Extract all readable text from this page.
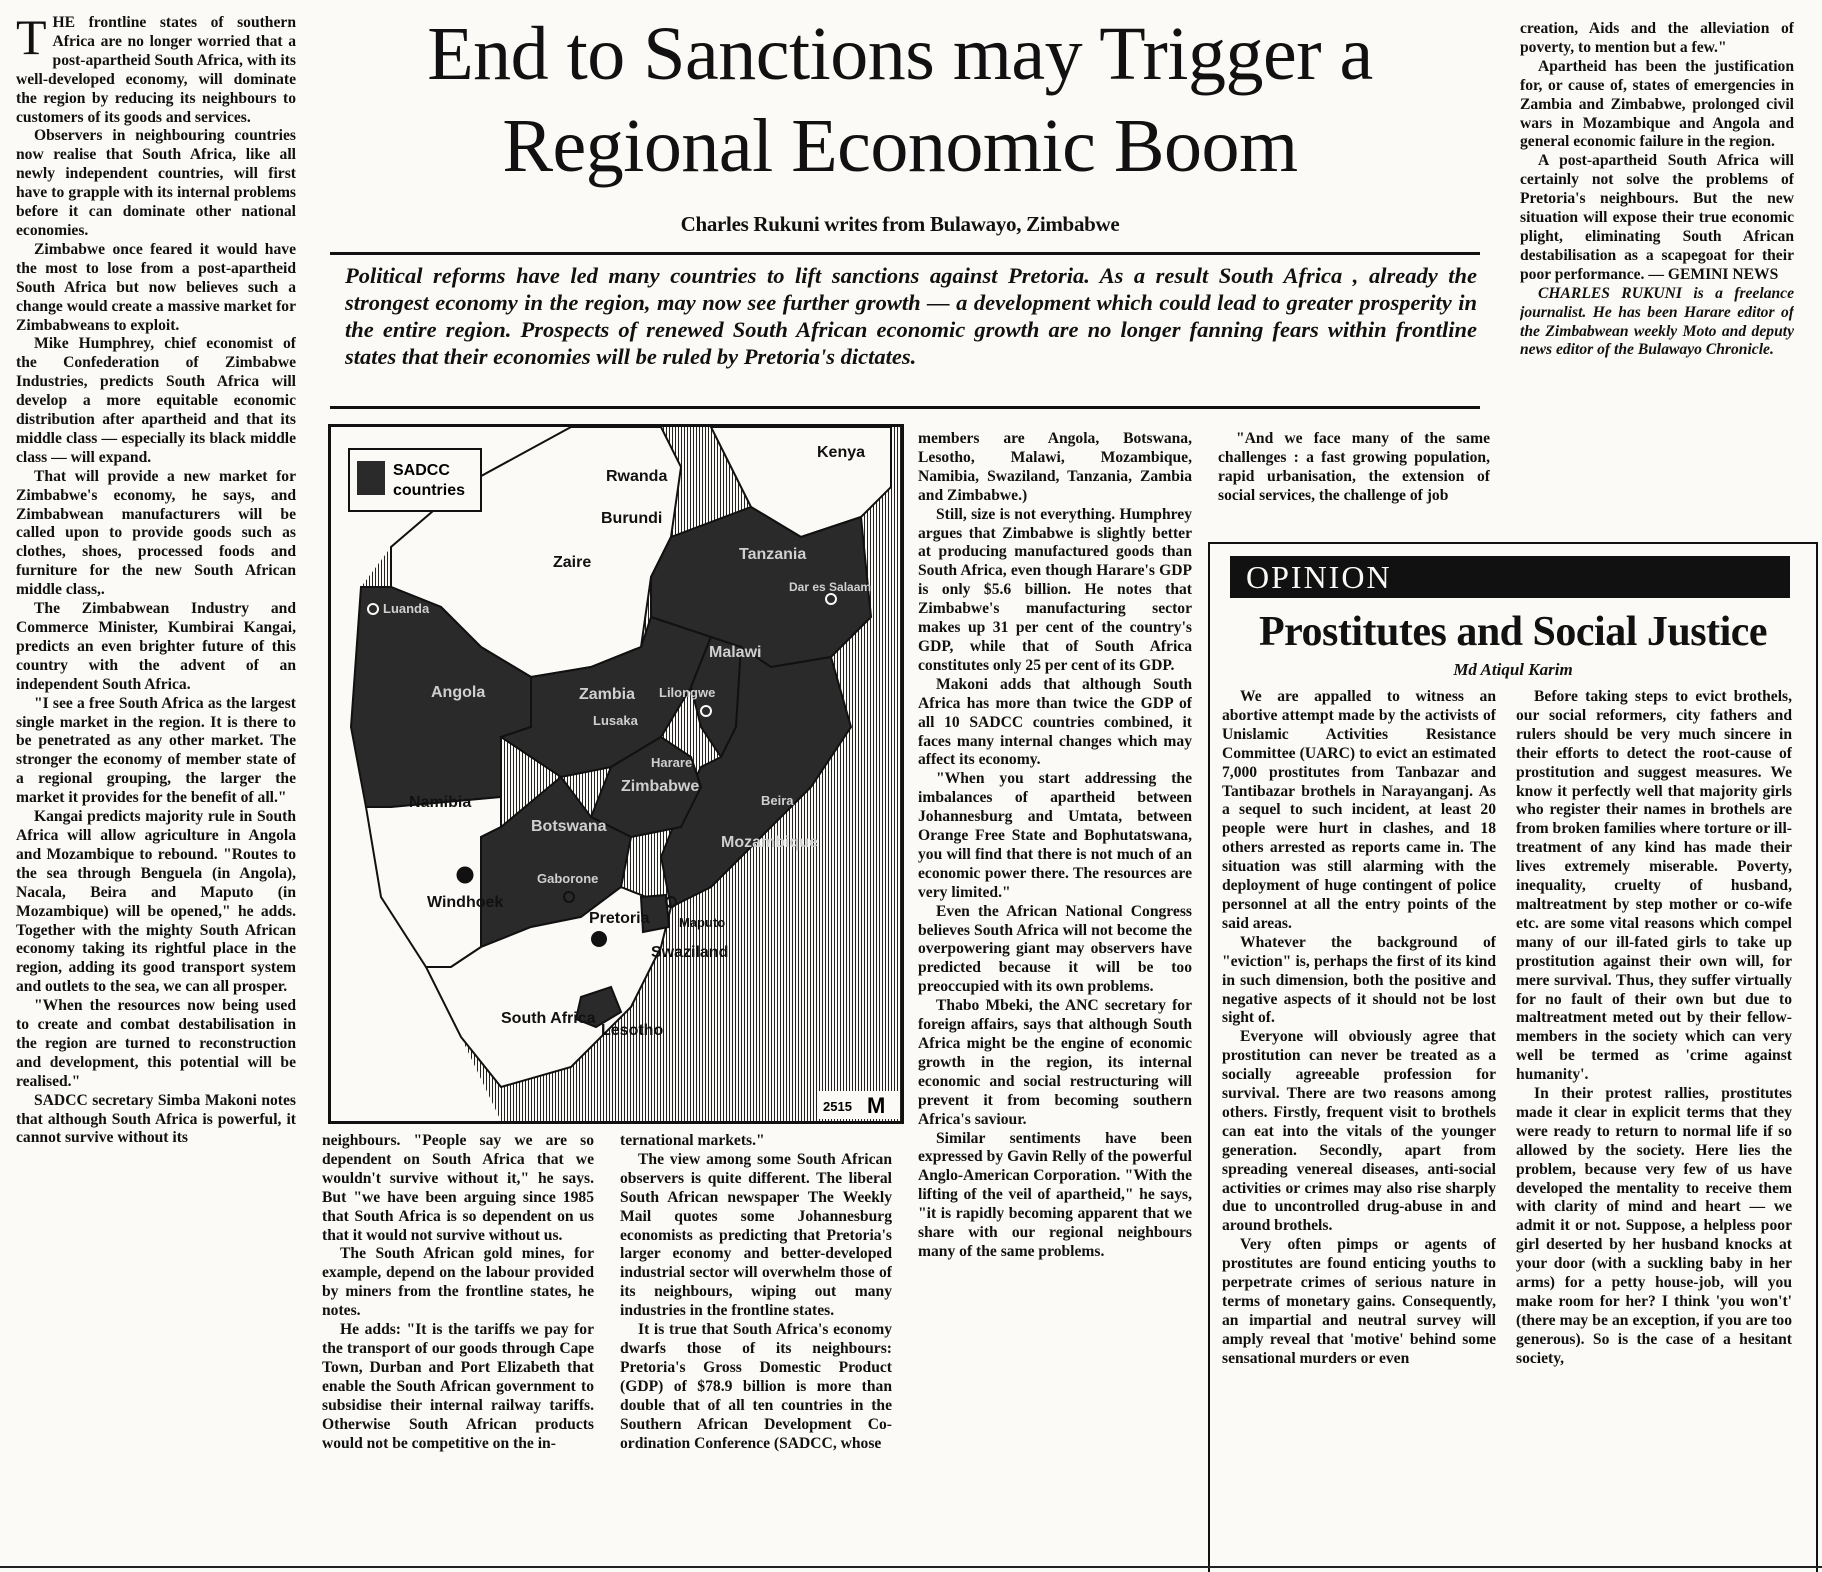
T HE frontline states of southern Africa are no longer worried that a post-apartheid South Africa, with its well-developed economy, will dominate the region by reducing its neighbours to customers of its goods and services.

Observers in neighbouring countries now realise that South Africa, like all newly independent countries, will first have to grapple with its internal problems before it can dominate other national economies.

Zimbabwe once feared it would have the most to lose from a post-apartheid South Africa but now believes such a change would create a massive market for Zimbabweans to exploit.

Mike Humphrey, chief economist of the Confederation of Zimbabwe Industries, predicts South Africa will develop a more equitable economic distribution after apartheid and that its middle class — especially its black middle class — will expand.

That will provide a new market for Zimbabwe's economy, he says, and Zimbabwean manufacturers will be called upon to provide goods such as clothes, shoes, processed foods and furniture for the new South African middle class,.

The Zimbabwean Industry and Commerce Minister, Kumbirai Kangai, predicts an even brighter future of this country with the advent of an independent South Africa.

"I see a free South Africa as the largest single market in the region. It is there to be penetrated as any other market. The stronger the economy of member state of a regional grouping, the larger the market it provides for the benefit of all."

Kangai predicts majority rule in South Africa will allow agriculture in Angola and Mozambique to rebound. "Routes to the sea through Benguela (in Angola), Nacala, Beira and Maputo (in Mozambique) will be opened," he adds. Together with the mighty South African economy taking its rightful place in the region, adding its good transport system and outlets to the sea, we can all prosper.

"When the resources now being used to create and combat destabilisation in the region are turned to reconstruction and development, this potential will be realised."

SADCC secretary Simba Makoni notes that although South Africa is powerful, it cannot survive without its

End to Sanctions may Trigger a Regional Economic Boom
Charles Rukuni writes from Bulawayo, Zimbabwe
Political reforms have led many countries to lift sanctions against Pretoria. As a result South Africa , already the strongest economy in the region, may now see further growth — a development which could lead to greater prosperity in the entire region. Prospects of renewed South African economic growth are no longer fanning fears within frontline states that their economies will be ruled by Pretoria's dictates.
SADCC countries
2515 M
Kenya
Rwanda
Burundi
Zaire	Tanzania
Dar es Salaam
Luanda
Malawi
Angola	Zambia Lilongwe
Lusaka
Harare
Zimbabwe
Beira
Namibia
Botswana
Mozambique
Windhoek
Gaborone
Pretoria Maputo
Swaziland
South Africa
Lesotho

neighbours. "People say we are so dependent on South Africa that we wouldn't survive without it," he says. But "we have been arguing since 1985 that South Africa is so dependent on us that it would not survive without us.

The South African gold mines, for example, depend on the labour provided by miners from the frontline states, he notes.

He adds: "It is the tariffs we pay for the transport of our goods through Cape Town, Durban and Port Elizabeth that enable the South African government to subsidise their internal railway tariffs. Otherwise South African products would not be competitive on the in-

ternational markets."

The view among some South African observers is quite different. The liberal South African newspaper The Weekly Mail quotes some Johannesburg economists as predicting that Pretoria's larger economy and better-developed industrial sector will overwhelm those of its neighbours, wiping out many industries in the frontline states.

It is true that South Africa's economy dwarfs those of its neighbours: Pretoria's Gross Domestic Product (GDP) of $78.9 billion is more than double that of all ten countries in the Southern African Development Co-ordination Conference (SADCC, whose

members are Angola, Botswana, Lesotho, Malawi, Mozambique, Namibia, Swaziland, Tanzania, Zambia and Zimbabwe.)

Still, size is not everything. Humphrey argues that Zimbabwe is slightly better at producing manufactured goods than South Africa, even though Harare's GDP is only $5.6 billion. He notes that Zimbabwe's manufacturing sector makes up 31 per cent of the country's GDP, while that of South Africa constitutes only 25 per cent of its GDP.

Makoni adds that although South Africa has more than twice the GDP of all 10 SADCC countries combined, it faces many internal changes which may affect its economy.

"When you start addressing the imbalances of apartheid between Johannesburg and Umtata, between Orange Free State and Bophutatswana, you will find that there is not much of an economic power there. The resources are very limited."

Even the African National Congress believes South Africa will not become the overpowering giant may observers have predicted because it will be too preoccupied with its own problems.

Thabo Mbeki, the ANC secretary for foreign affairs, says that although South Africa might be the engine of economic growth in the region, its internal economic and social restructuring will prevent it from becoming southern Africa's saviour.

Similar sentiments have been expressed by Gavin Relly of the powerful Anglo-American Corporation. "With the lifting of the veil of apartheid," he says, "it is rapidly becoming apparent that we share with our regional neighbours many of the same problems.

"And we face many of the same challenges : a fast growing population, rapid urbanisation, the extension of social services, the challenge of job

creation, Aids and the alleviation of poverty, to mention but a few."

Apartheid has been the justification for, or cause of, states of emergencies in Zambia and Zimbabwe, prolonged civil wars in Mozambique and Angola and general economic failure in the region.

A post-apartheid South Africa will certainly not solve the problems of Pretoria's neighbours. But the new situation will expose their true economic plight, eliminating South African destabilisation as a scapegoat for their poor performance. — GEMINI NEWS

CHARLES RUKUNI is a freelance journalist. He has been Harare editor of the Zimbabwean weekly Moto and deputy news editor of the Bulawayo Chronicle.

OPINION
Prostitutes and Social Justice
Md Atiqul Karim

We are appalled to witness an abortive attempt made by the activists of Unislamic Activities Resistance Committee (UARC) to evict an estimated 7,000 prostitutes from Tanbazar and Tantibazar brothels in Narayanganj. As a sequel to such incident, at least 20 people were hurt in clashes, and 18 others arrested as reports came in. The situation was still alarming with the deployment of huge contingent of police personnel at all the entry points of the said areas.

Whatever the background of "eviction" is, perhaps the first of its kind in such dimension, both the positive and negative aspects of it should not be lost sight of.

Everyone will obviously agree that prostitution can never be treated as a socially agreeable profession for survival. There are two reasons among others. Firstly, frequent visit to brothels can eat into the vitals of the younger generation. Secondly, apart from spreading venereal diseases, anti-social activities or crimes may also rise sharply due to uncontrolled drug-abuse in and around brothels.

Very often pimps or agents of prostitutes are found enticing youths to perpetrate crimes of serious nature in terms of monetary gains. Consequently, an impartial and neutral survey will amply reveal that 'motive' behind some sensational murders or even

Before taking steps to evict brothels, our social reformers, city fathers and rulers should be very much sincere in their efforts to detect the root-cause of prostitution and suggest measures. We know it perfectly well that majority girls who register their names in brothels are from broken families where torture or ill-treatment of any kind has made their lives extremely miserable. Poverty, inequality, cruelty of husband, maltreatment by step mother or co-wife etc. are some vital reasons which compel many of our ill-fated girls to take up prostitution against their own will, for mere survival. Thus, they suffer virtually for no fault of their own but due to maltreatment meted out by their fellow-members in the society which can very well be termed as 'crime against humanity'.

In their protest rallies, prostitutes made it clear in explicit terms that they were ready to return to normal life if so allowed by the society. Here lies the problem, because very few of us have developed the mentality to receive them with clarity of mind and heart — we admit it or not. Suppose, a helpless poor girl deserted by her husband knocks at your door (with a suckling baby in her arms) for a petty house-job, will you make room for her? I think 'you won't' (there may be an exception, if you are too generous). So is the case of a hesitant society,
